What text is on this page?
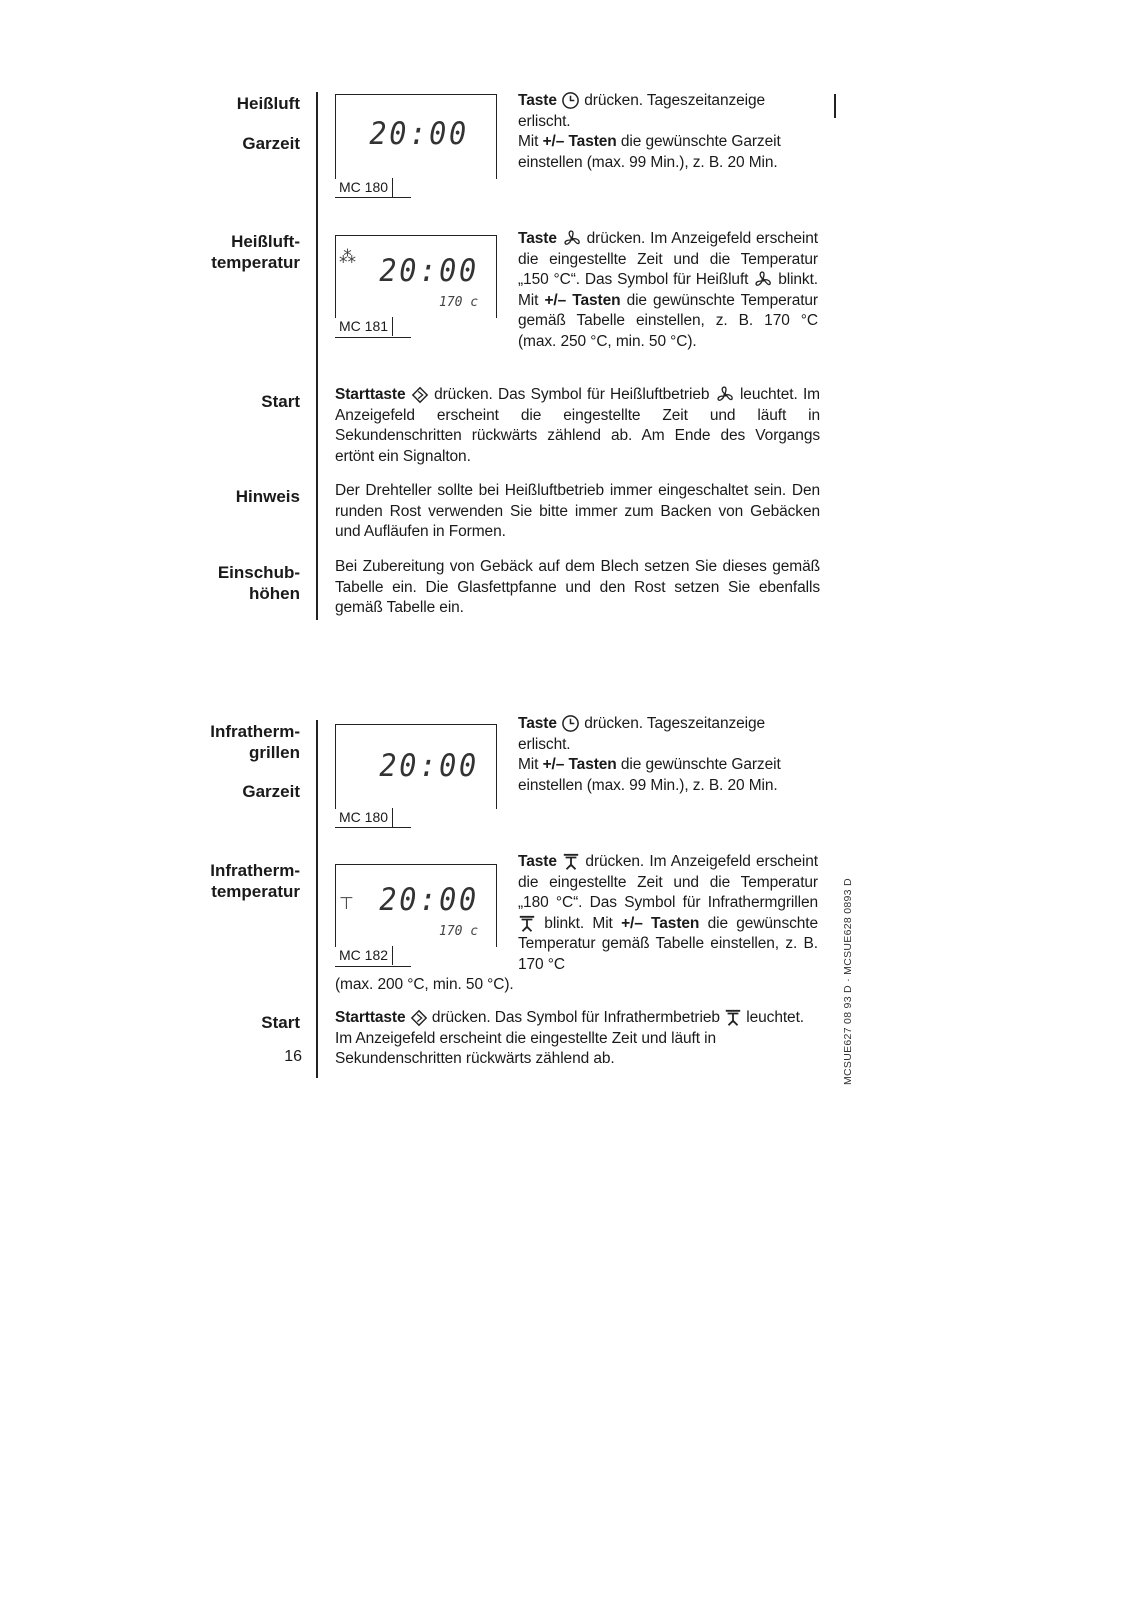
Heißluft
Garzeit
Heißluft-
temperatur
Start
Hinweis
Einschub-
höhen
Infratherm-
grillen
Garzeit
Infratherm-
temperatur
Start
16
20:00
MC 180
⁂ 20:00
170 c
MC 181
20:00
MC 180
⊤ 20:00
170 c
MC 182
Taste  drücken. Tageszeitanzeige erlischt.
Mit +/– Tasten die gewünschte Garzeit einstellen (max. 99 Min.), z. B. 20 Min.
Taste  drücken. Im Anzeigefeld erscheint die eingestellte Zeit und die Temperatur „150 °C“. Das Symbol für Heißluft  blinkt. Mit +/– Tasten die gewünschte Temperatur gemäß Tabelle einstellen, z. B. 170 °C (max. 250 °C, min. 50 °C).
Starttaste  drücken. Das Symbol für Heißluftbetrieb  leuchtet. Im Anzeigefeld erscheint die eingestellte Zeit und läuft in Sekundenschritten rückwärts zählend ab. Am Ende des Vorgangs ertönt ein Signalton.
Der Drehteller sollte bei Heißluftbetrieb immer eingeschaltet sein. Den runden Rost verwenden Sie bitte immer zum Backen von Gebäcken und Aufläufen in Formen.
Bei Zubereitung von Gebäck auf dem Blech setzen Sie dieses gemäß Tabelle ein. Die Glasfettpfanne und den Rost setzen Sie ebenfalls gemäß Tabelle ein.
Taste  drücken. Tageszeitanzeige erlischt.
Mit +/– Tasten die gewünschte Garzeit einstellen (max. 99 Min.), z. B. 20 Min.
Taste  drücken. Im Anzeigefeld erscheint die eingestellte Zeit und die Temperatur „180 °C“. Das Symbol für Infrathermgrillen  blinkt. Mit +/– Tasten die gewünschte Temperatur gemäß Tabelle einstellen, z. B. 170 °C
(max. 200 °C, min. 50 °C).
Starttaste  drücken. Das Symbol für Infrathermbetrieb  leuchtet. Im Anzeigefeld erscheint die eingestellte Zeit und läuft in Sekundenschritten rückwärts zählend ab.	MCSUE627 08 93 D · MCSUE628 0893 D
